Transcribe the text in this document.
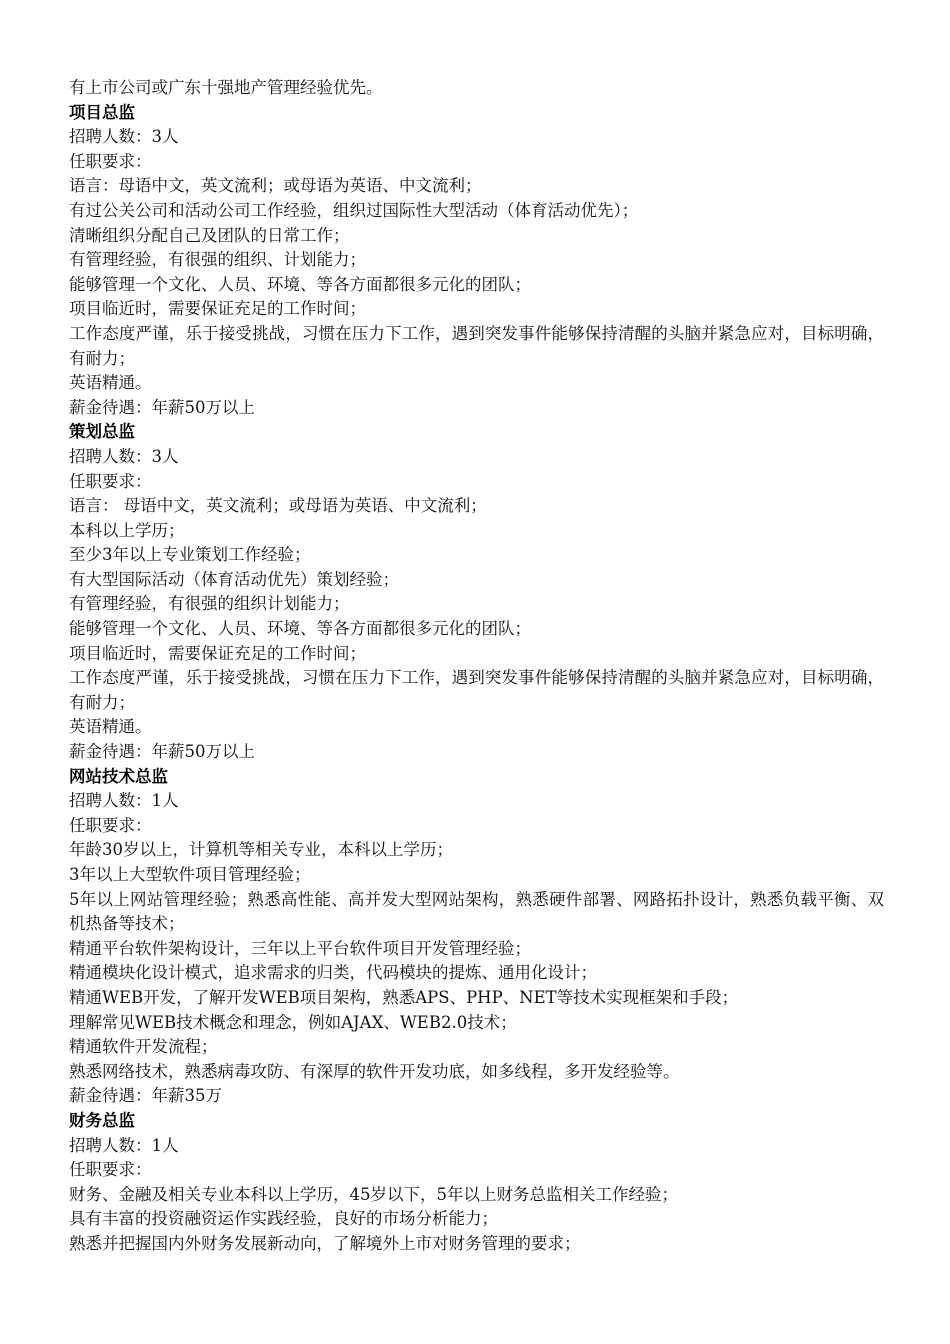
有上市公司或广东十强地产管理经验优先。
项目总监
招聘人数：3人
任职要求：
语言：母语中文，英文流利；或母语为英语、中文流利；
有过公关公司和活动公司工作经验，组织过国际性大型活动（体育活动优先）；
清晰组织分配自己及团队的日常工作；
有管理经验，有很强的组织、计划能力；
能够管理一个文化、人员、环境、等各方面都很多元化的团队；
项目临近时，需要保证充足的工作时间；
工作态度严谨，乐于接受挑战，习惯在压力下工作，遇到突发事件能够保持清醒的头脑并紧急应对，目标明确，有耐力；
英语精通。
薪金待遇：年薪50万以上
策划总监
招聘人数：3人
任职要求：
语言： 母语中文，英文流利；或母语为英语、中文流利；
本科以上学历；
至少3年以上专业策划工作经验；
有大型国际活动（体育活动优先）策划经验；
有管理经验，有很强的组织计划能力；
能够管理一个文化、人员、环境、等各方面都很多元化的团队；
项目临近时，需要保证充足的工作时间；
工作态度严谨，乐于接受挑战，习惯在压力下工作，遇到突发事件能够保持清醒的头脑并紧急应对，目标明确，有耐力；
英语精通。
薪金待遇：年薪50万以上
网站技术总监
招聘人数：1人
任职要求：
年龄30岁以上，计算机等相关专业，本科以上学历；
3年以上大型软件项目管理经验；
5年以上网站管理经验；熟悉高性能、高并发大型网站架构，熟悉硬件部署、网路拓扑设计，熟悉负载平衡、双机热备等技术；
精通平台软件架构设计，三年以上平台软件项目开发管理经验；
精通模块化设计模式，追求需求的归类，代码模块的提炼、通用化设计；
精通WEB开发，了解开发WEB项目架构，熟悉APS、PHP、NET等技术实现框架和手段；
理解常见WEB技术概念和理念，例如AJAX、WEB2.0技术；
精通软件开发流程；
熟悉网络技术，熟悉病毒攻防、有深厚的软件开发功底，如多线程，多开发经验等。
薪金待遇：年薪35万
财务总监
招聘人数：1人
任职要求：
财务、金融及相关专业本科以上学历，45岁以下，5年以上财务总监相关工作经验；
具有丰富的投资融资运作实践经验，良好的市场分析能力；
熟悉并把握国内外财务发展新动向，了解境外上市对财务管理的要求；
